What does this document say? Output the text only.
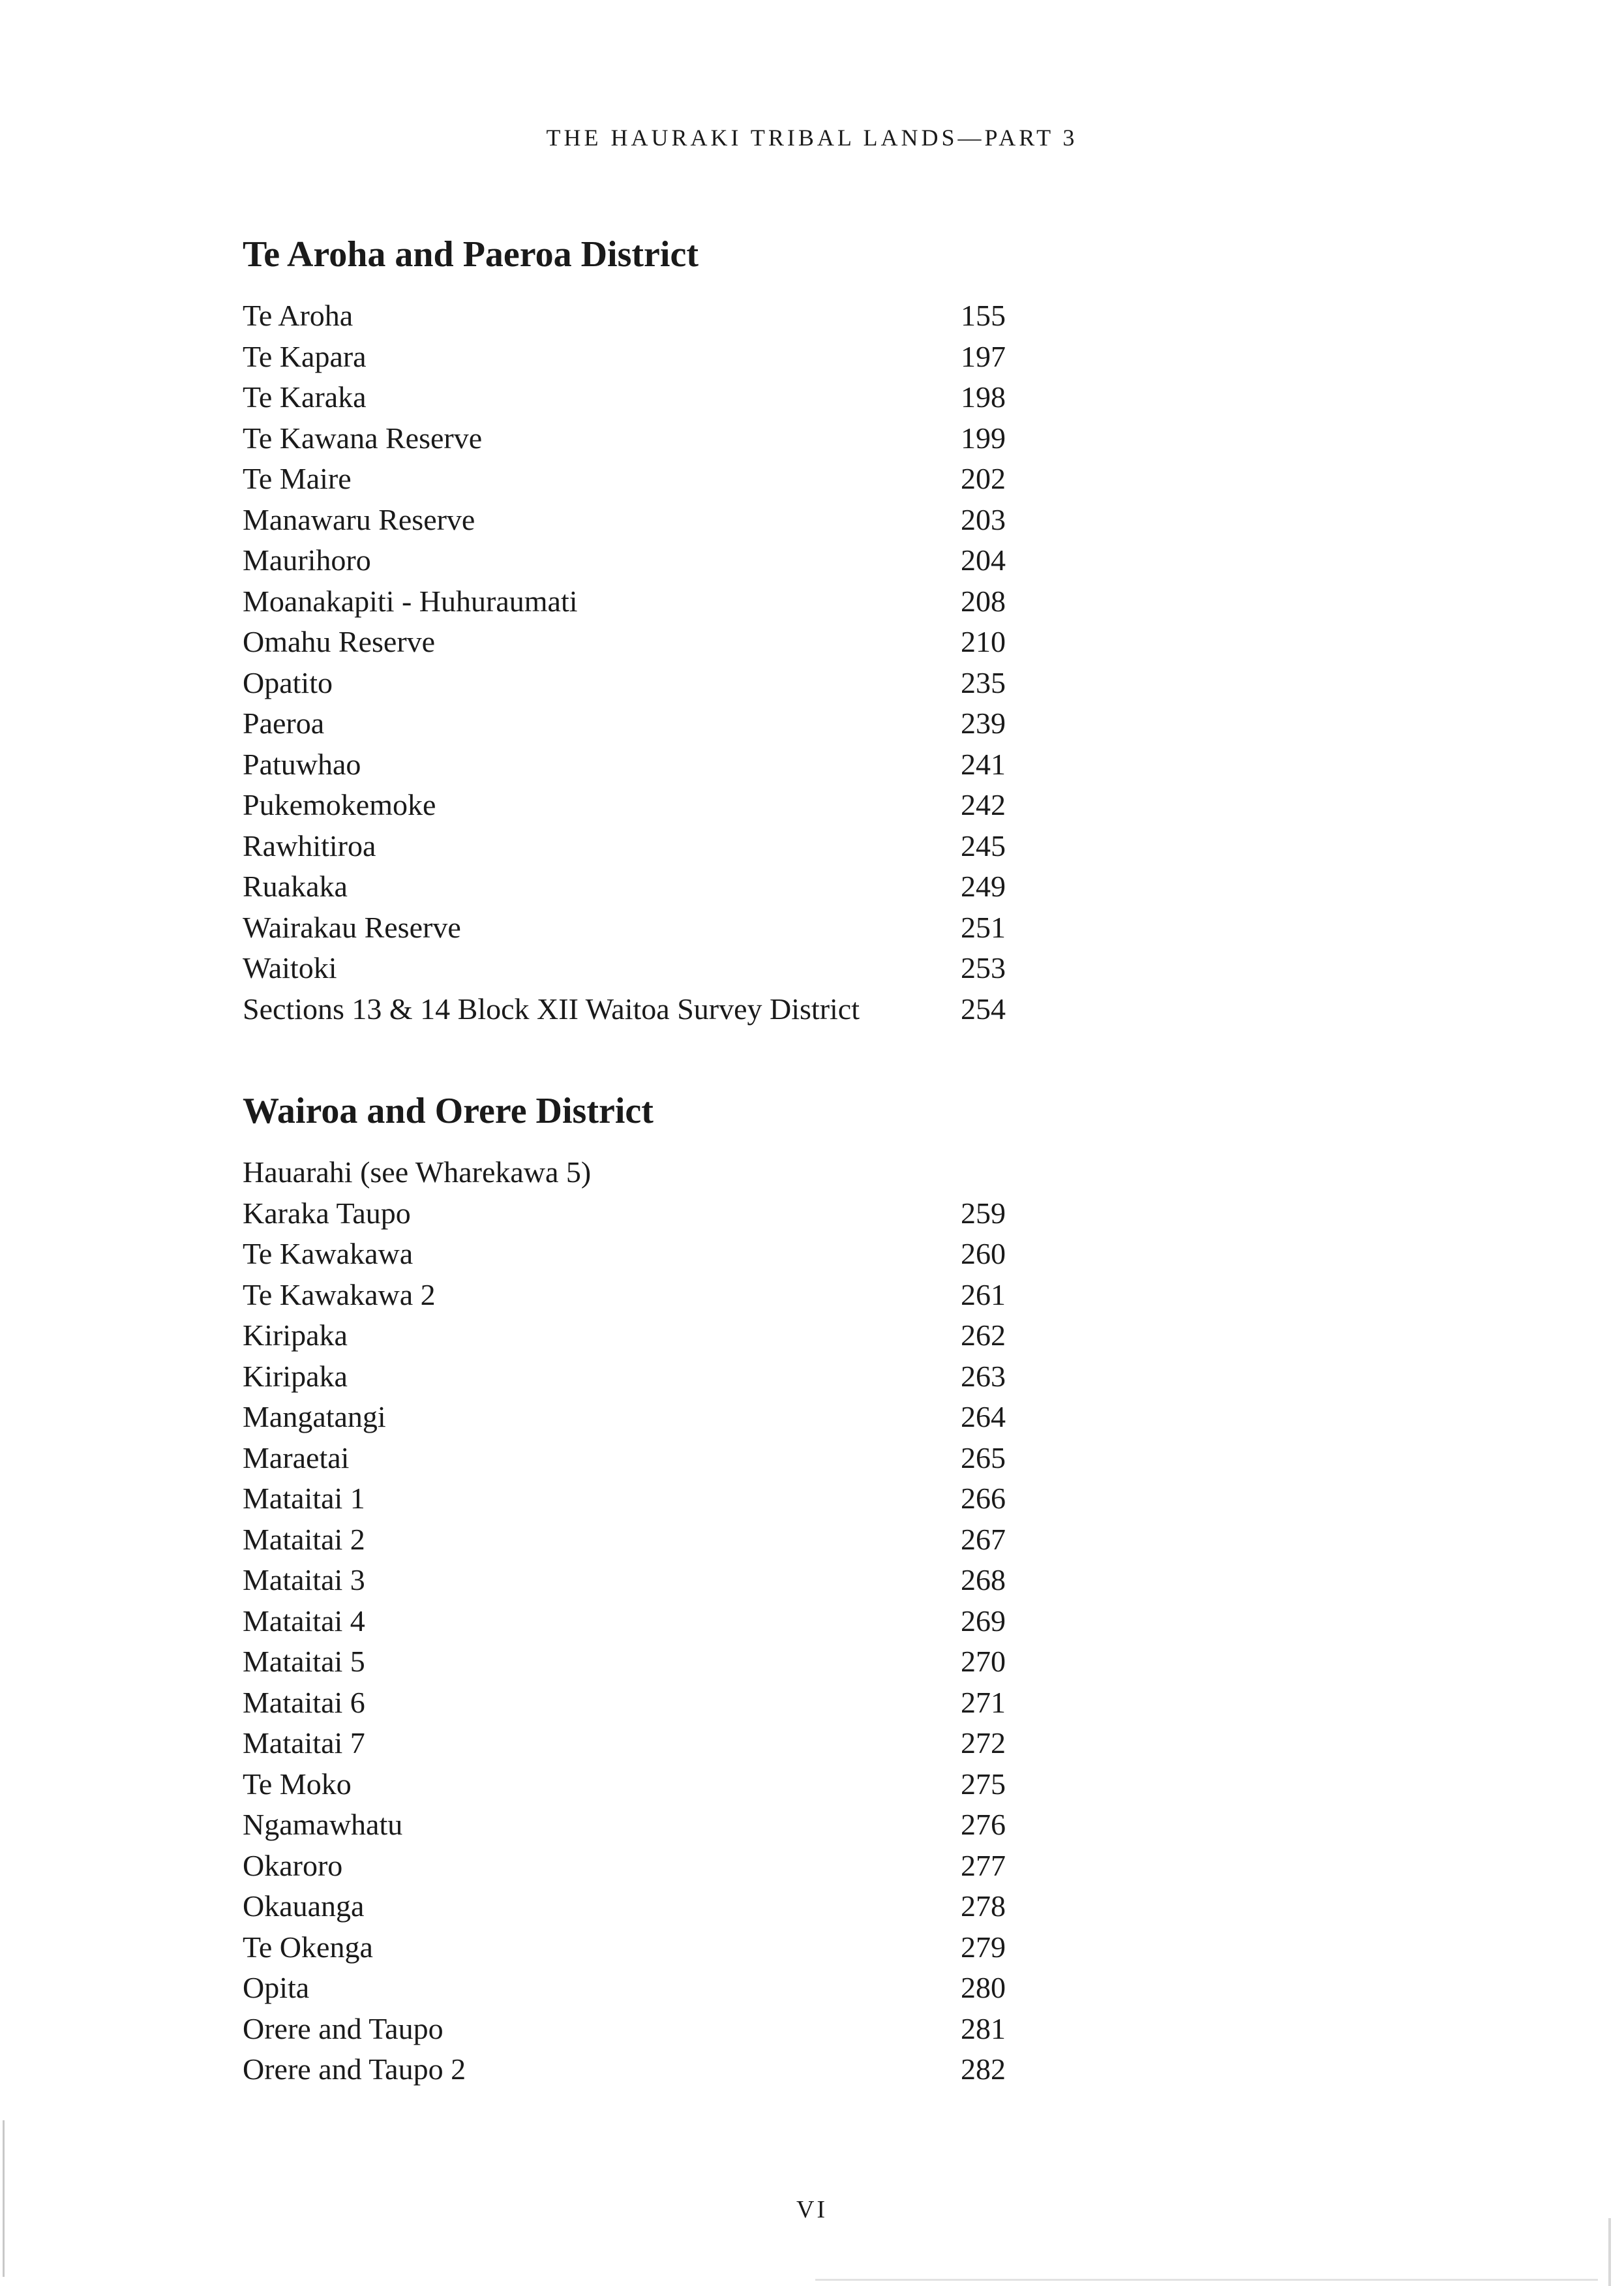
THE HAURAKI TRIBAL LANDS—PART 3
Te Aroha and Paeroa District
Te Aroha	155
Te Kapara	197
Te Karaka	198
Te Kawana Reserve	199
Te Maire	202
Manawaru Reserve	203
Maurihoro	204
Moanakapiti - Huhuraumati	208
Omahu Reserve	210
Opatito	235
Paeroa	239
Patuwhao	241
Pukemokemoke	242
Rawhitiroa	245
Ruakaka	249
Wairakau Reserve	251
Waitoki	253
Sections 13 & 14 Block XII Waitoa Survey District	254
Wairoa and Orere District
Hauarahi (see Wharekawa 5)
Karaka Taupo	259
Te Kawakawa	260
Te Kawakawa 2	261
Kiripaka	262
Kiripaka	263
Mangatangi	264
Maraetai	265
Mataitai 1	266
Mataitai 2	267
Mataitai 3	268
Mataitai 4	269
Mataitai 5	270
Mataitai 6	271
Mataitai 7	272
Te Moko	275
Ngamawhatu	276
Okaroro	277
Okauanga	278
Te Okenga	279
Opita	280
Orere and Taupo	281
Orere and Taupo 2	282
VI
